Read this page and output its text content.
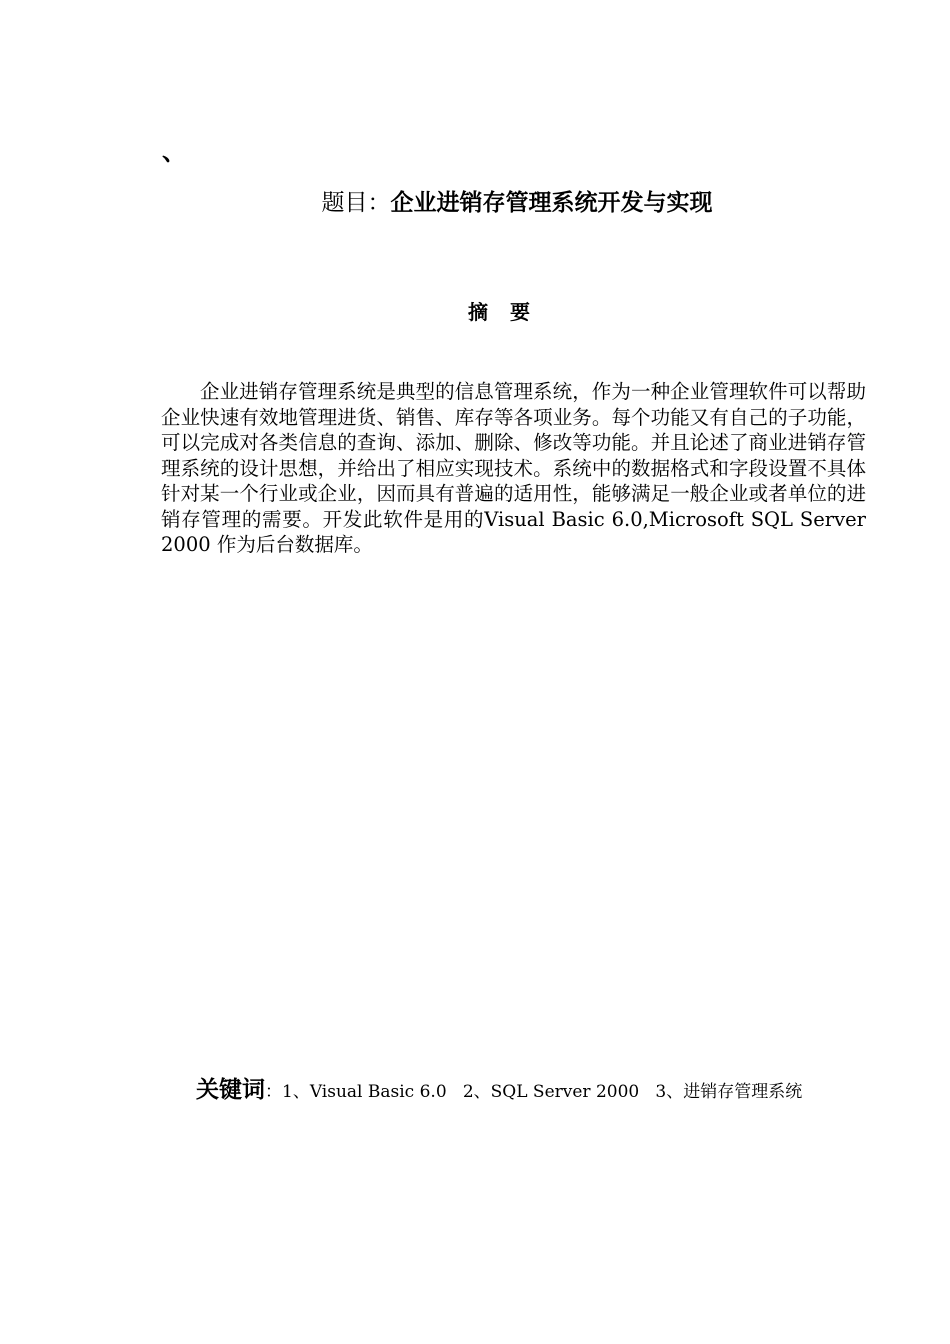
、
题目：企业进销存管理系统开发与实现
摘要
企业进销存管理系统是典型的信息管理系统，作为一种企业管理软件可以帮助企业快速有效地管理进货、销售、库存等各项业务。每个功能又有自己的子功能，可以完成对各类信息的查询、添加、删除、修改等功能。并且论述了商业进销存管理系统的设计思想，并给出了相应实现技术。系统中的数据格式和字段设置不具体针对某一个行业或企业，因而具有普遍的适用性，能够满足一般企业或者单位的进销存管理的需要。开发此软件是用的Visual Basic 6.0,Microsoft SQL Server 2000 作为后台数据库。
关键词：1、Visual Basic 6.0   2、SQL Server 2000   3、进销存管理系统
